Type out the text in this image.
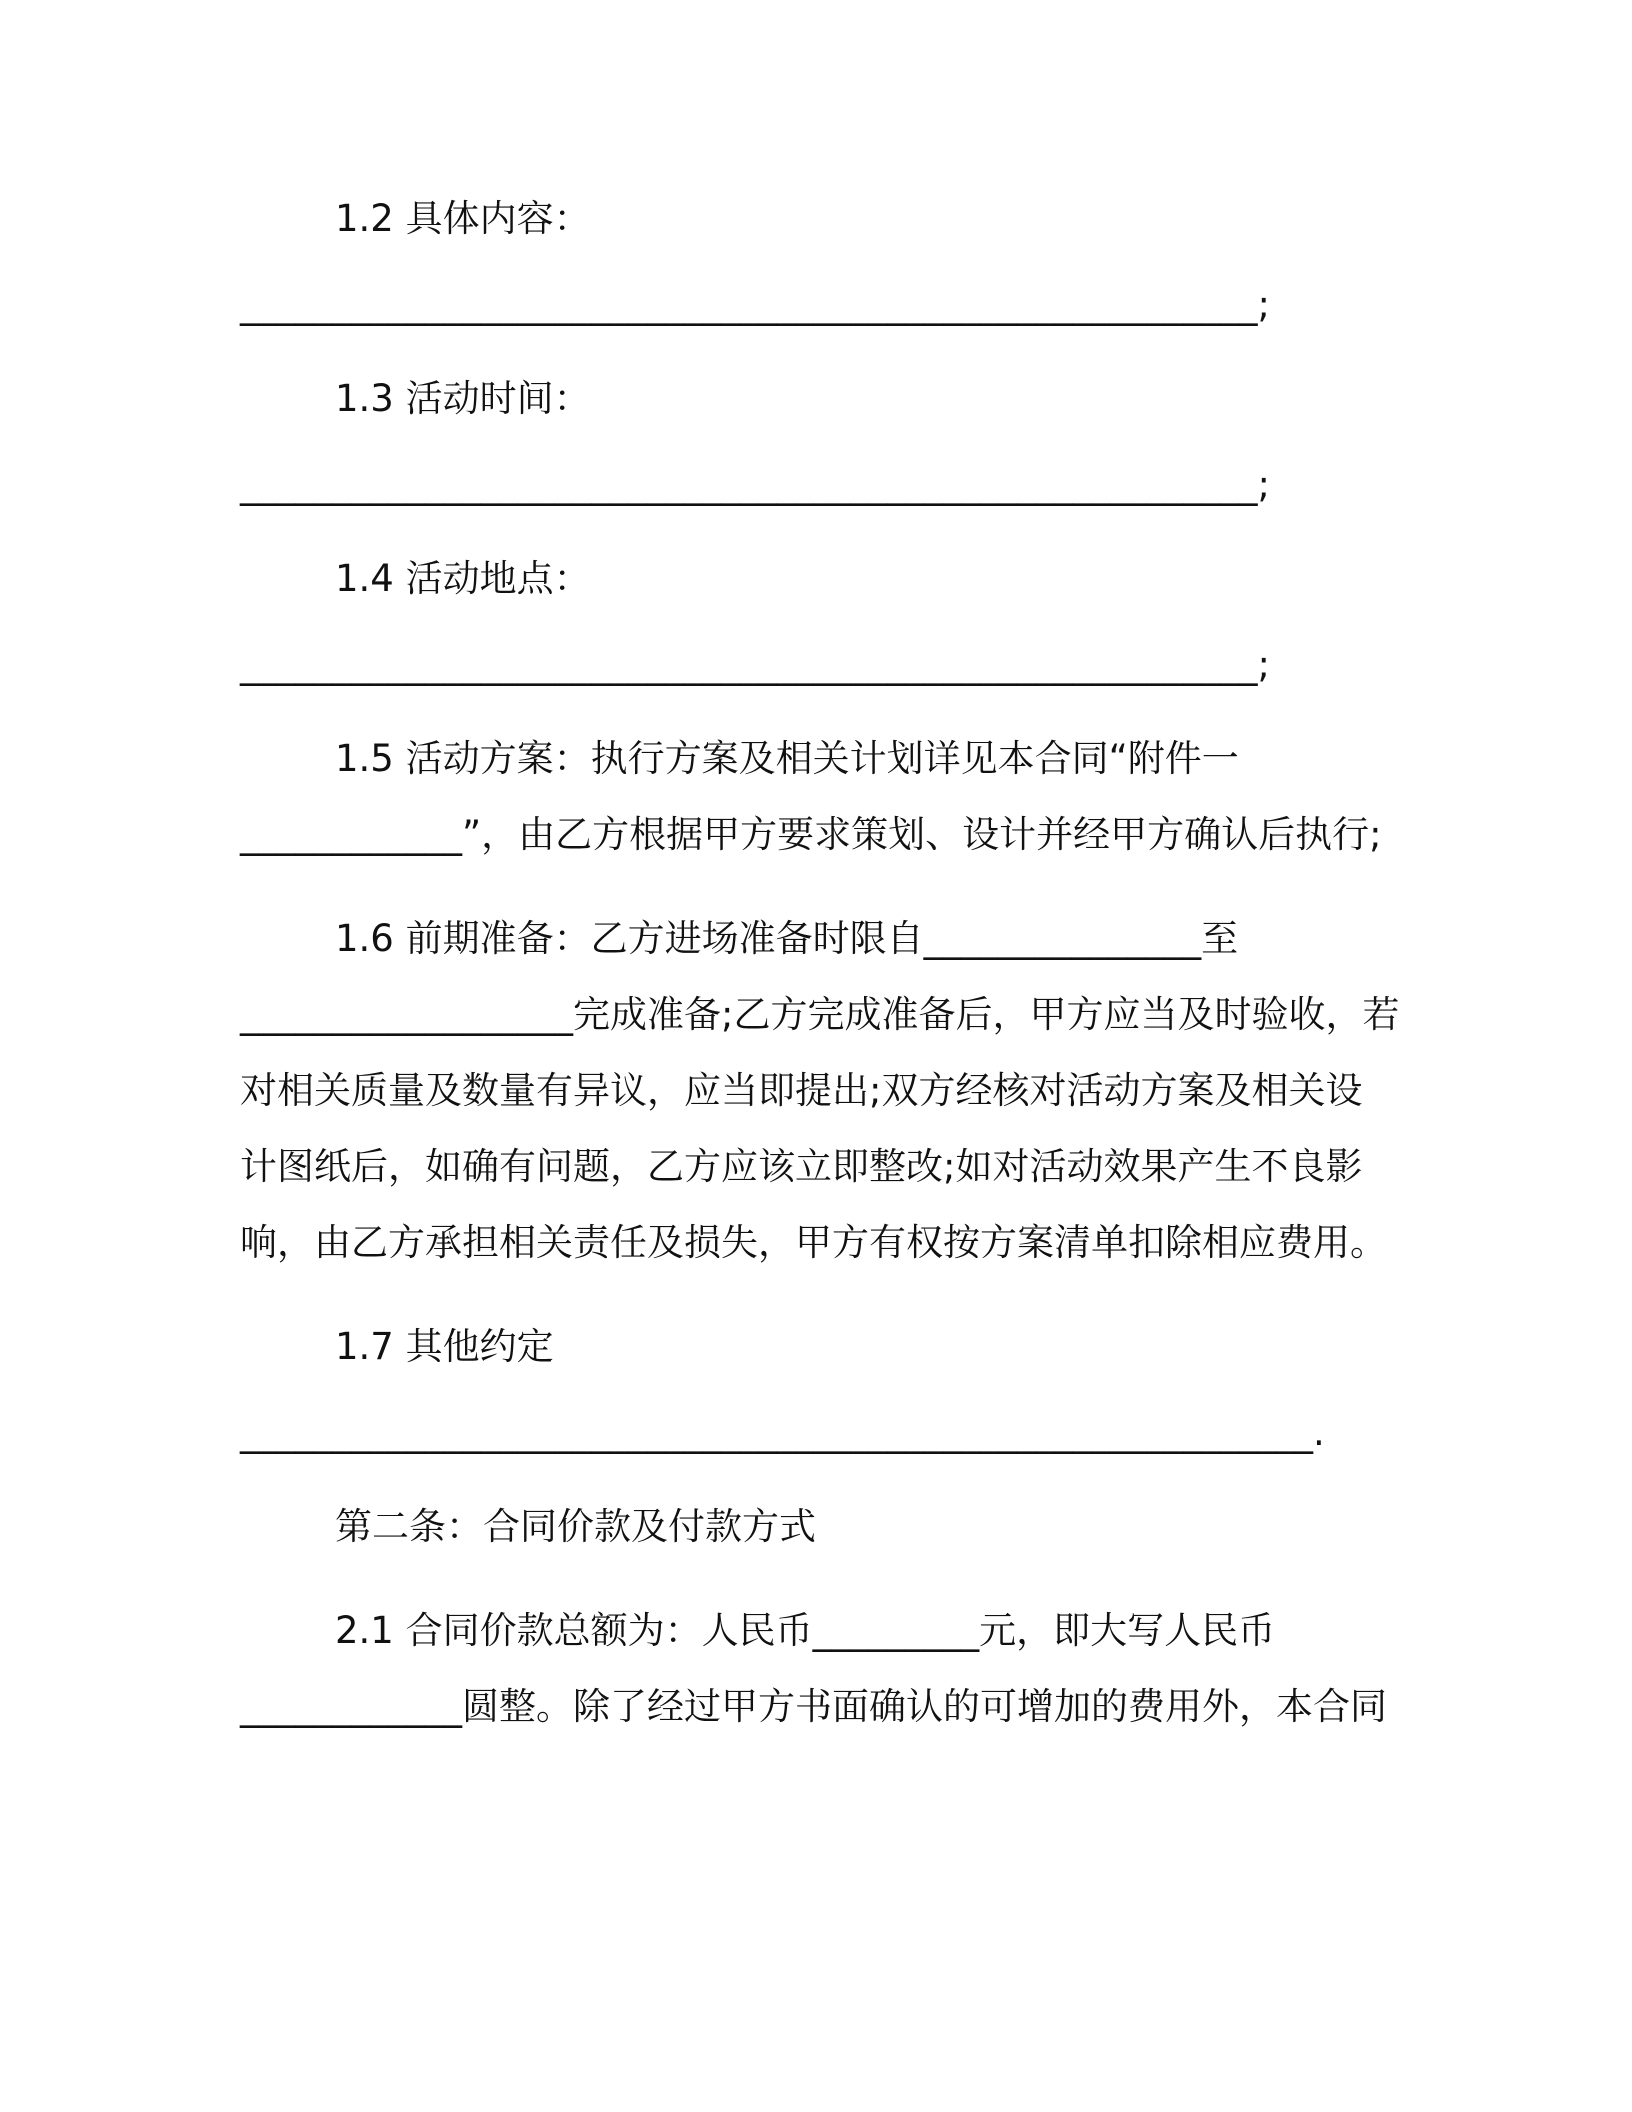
1.2 具体内容：
_______________________________________________________;
1.3 活动时间：
_______________________________________________________;
1.4 活动地点：
_______________________________________________________;
1.5 活动方案：执行方案及相关计划详见本合同“附件一
____________”，由乙方根据甲方要求策划、设计并经甲方确认后执行;
1.6 前期准备：乙方进场准备时限自_______________至
__________________完成准备;乙方完成准备后，甲方应当及时验收，若
对相关质量及数量有异议，应当即提出;双方经核对活动方案及相关设
计图纸后，如确有问题，乙方应该立即整改;如对活动效果产生不良影
响，由乙方承担相关责任及损失，甲方有权按方案清单扣除相应费用。
1.7 其他约定
__________________________________________________________.
第二条：合同价款及付款方式
2.1 合同价款总额为：人民币_________元，即大写人民币
____________圆整。除了经过甲方书面确认的可增加的费用外，本合同
